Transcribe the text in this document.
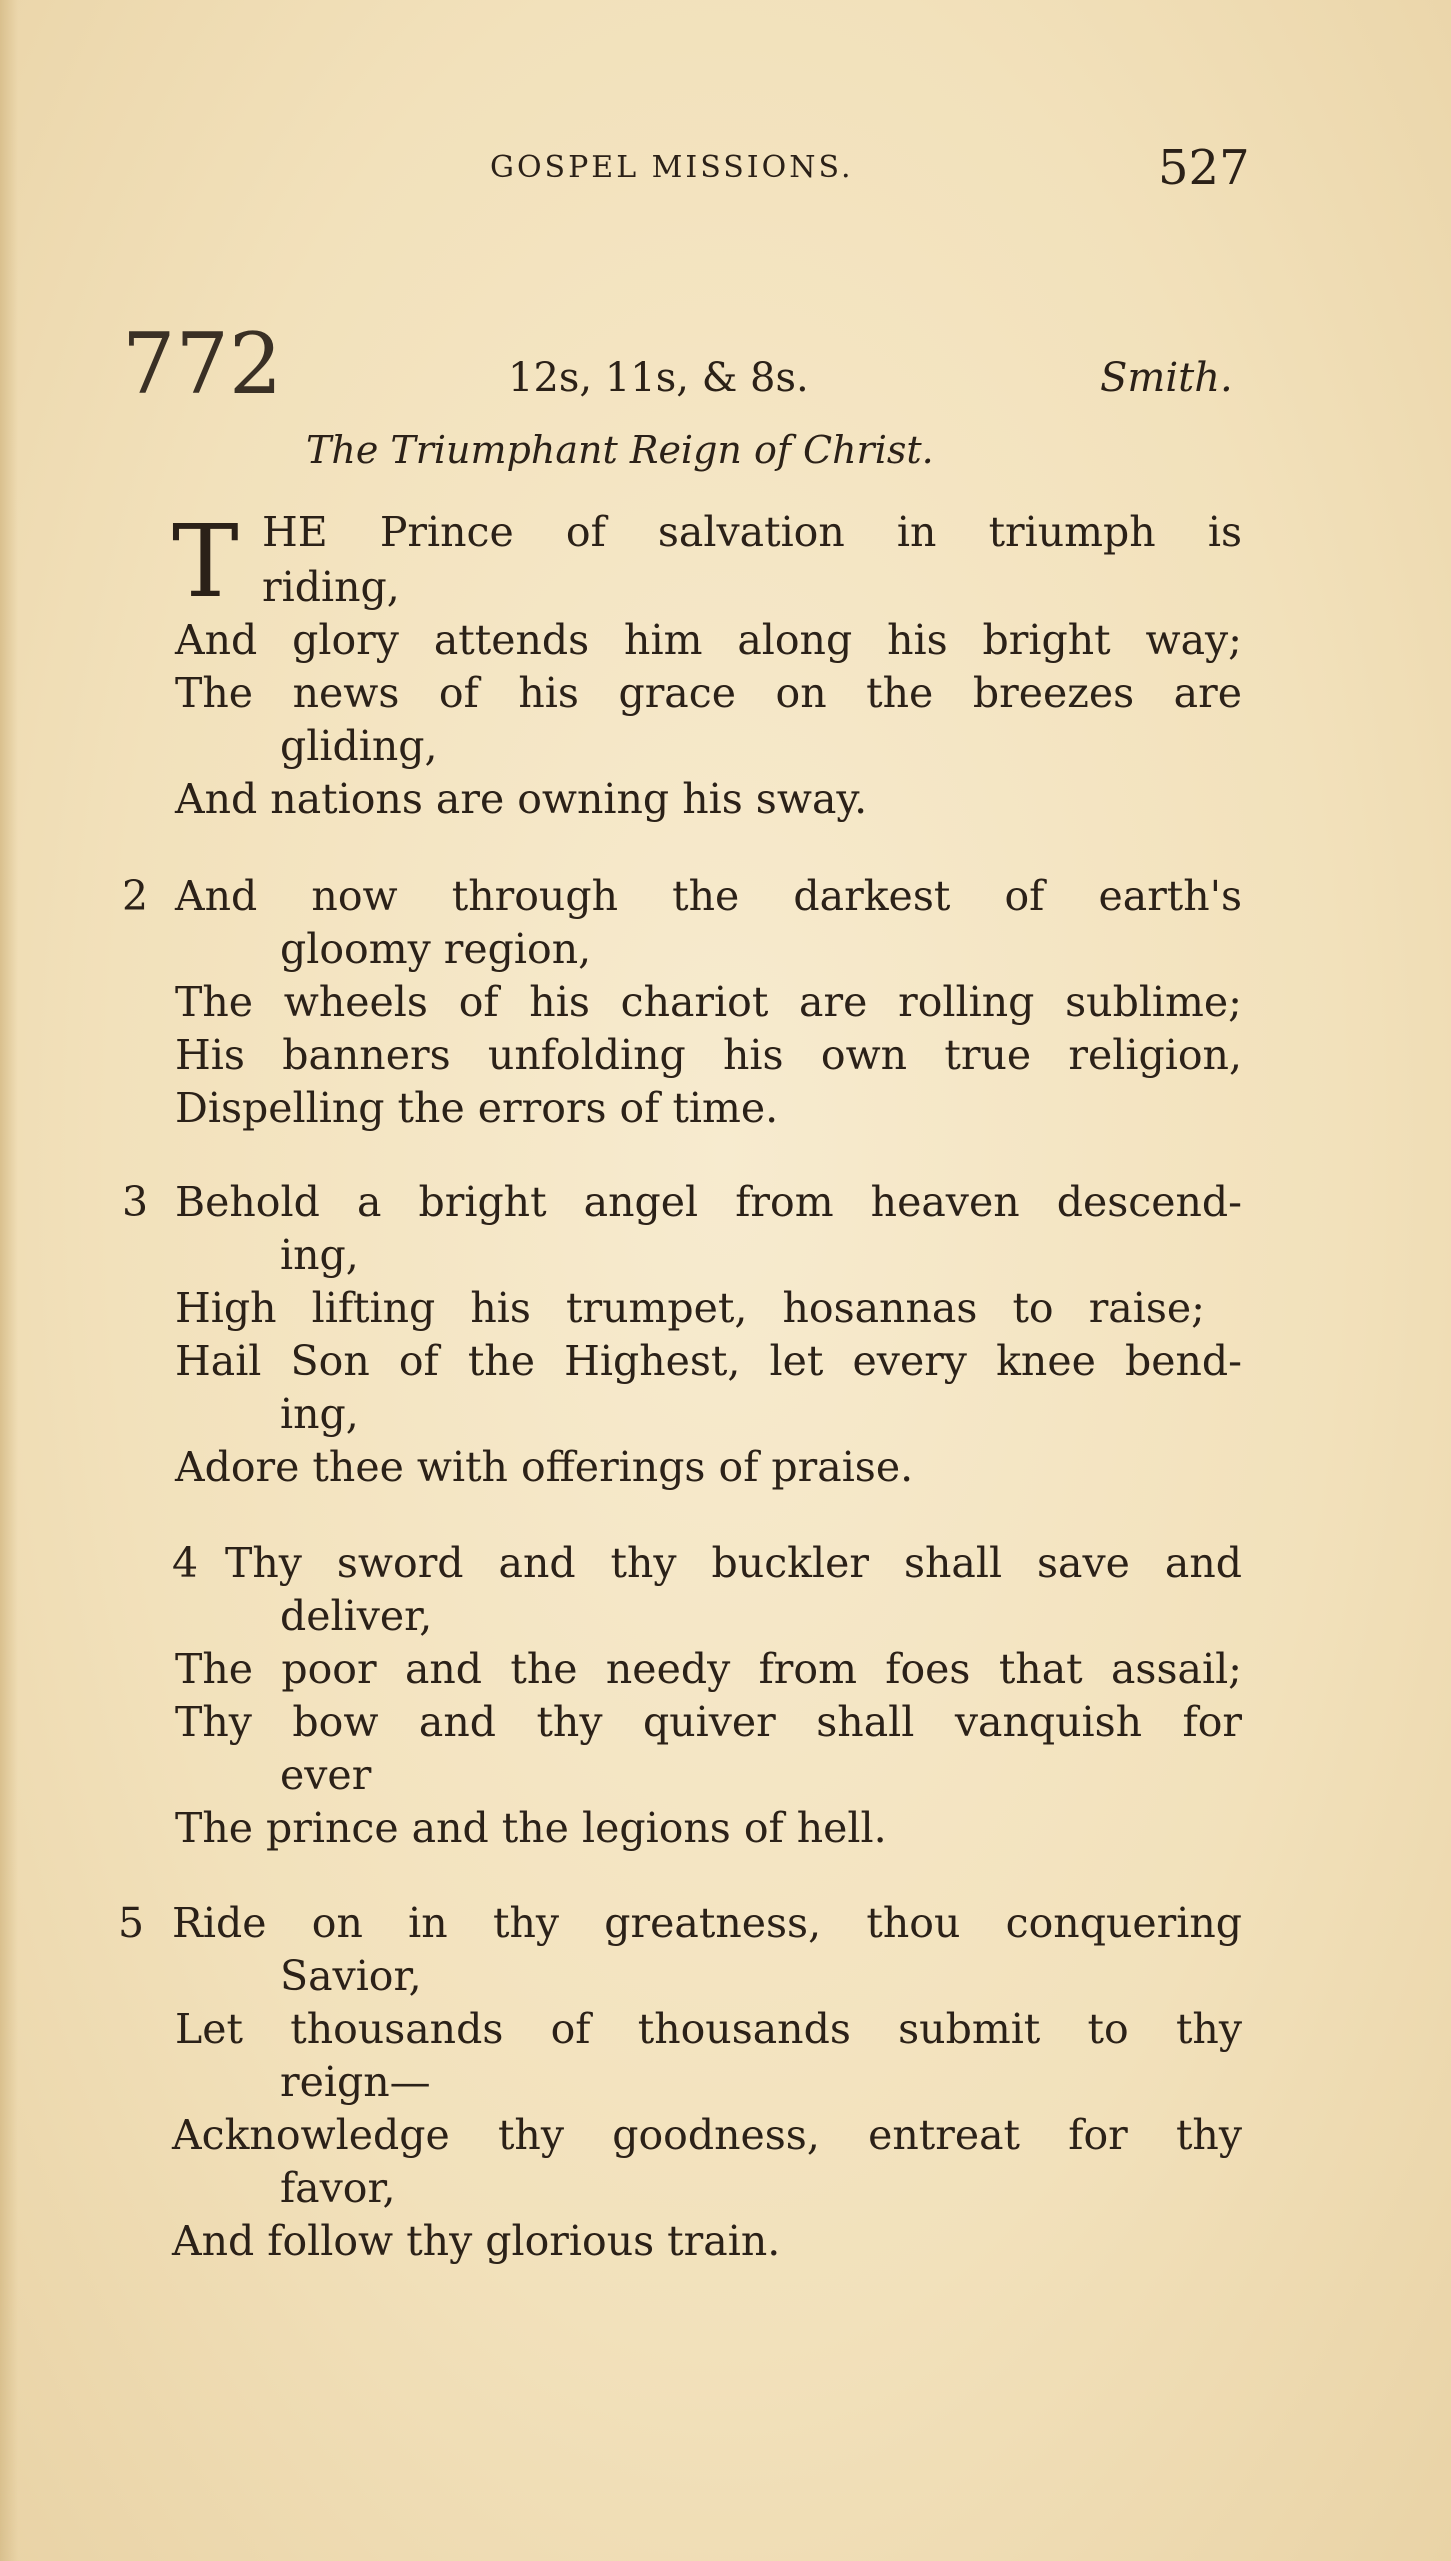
GOSPEL MISSIONS.	527
772	12s, 11s, & 8s.	Smith.
The Triumphant Reign of Christ.
T HE Prince of salvation in triumph is
riding,
And glory attends him along his bright way;
The news of his grace on the breezes are
gliding,
And nations are owning his sway.
2 And now through the darkest of earth's
gloomy region,
The wheels of his chariot are rolling sublime;
His banners unfolding his own true religion,
Dispelling the errors of time.
3 Behold a bright angel from heaven descend-
ing,
High lifting his trumpet, hosannas to raise;
Hail Son of the Highest, let every knee bend-
ing,
Adore thee with offerings of praise.
4 Thy sword and thy buckler shall save and
deliver,
The poor and the needy from foes that assail;
Thy bow and thy quiver shall vanquish for
ever
The prince and the legions of hell.
5 Ride on in thy greatness, thou conquering
Savior,
Let thousands of thousands submit to thy
reign—
Acknowledge thy goodness, entreat for thy
favor,
And follow thy glorious train.
